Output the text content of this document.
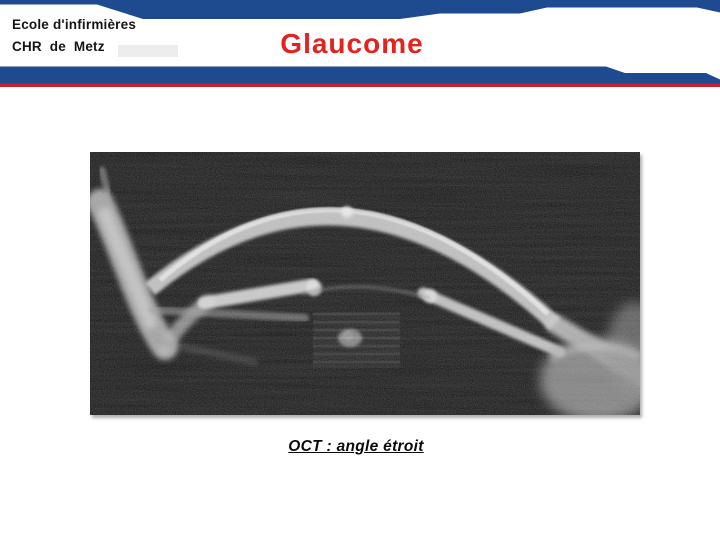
Ecole d'infirmières
CHR de Metz	Glaucome
OCT : angle étroit
